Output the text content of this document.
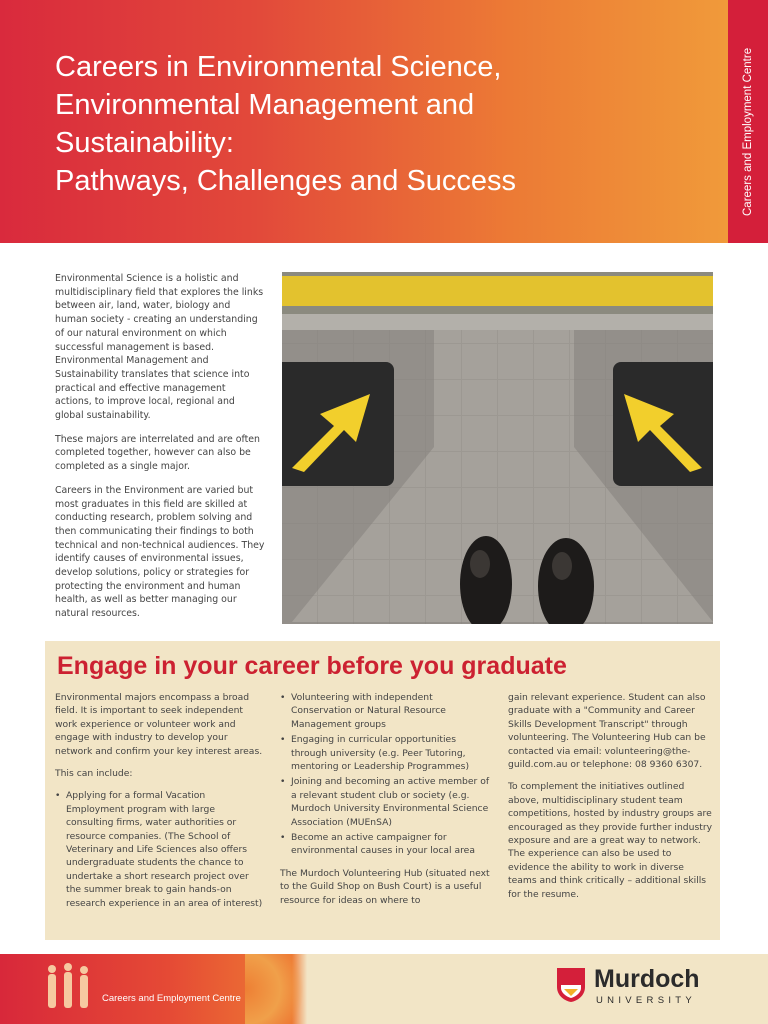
Careers in Environmental Science,
Environmental Management and
Sustainability:
Pathways, Challenges and Success	Careers and Employment Centre

Environmental Science is a holistic and multidisciplinary field that explores the links between air, land, water, biology and human society - creating an understanding of our natural environment on which successful management is based. Environmental Management and Sustainability translates that science into practical and effective management actions, to improve local, regional and global sustainability.

These majors are interrelated and are often completed together, however can also be completed as a single major.

Careers in the Environment are varied but most graduates in this field are skilled at conducting research, problem solving and then communicating their findings to both technical and non-technical audiences. They identify causes of environmental issues, develop solutions, policy or strategies for protecting the environment and human health, as well as better managing our natural resources.

Engage in your career before you graduate

Environmental majors encompass a broad field. It is important to seek independent work experience or volunteer work and engage with industry to develop your network and confirm your key interest areas.

This can include:

• Applying for a formal Vacation Employment program with large consulting firms, water authorities or resource companies. (The School of Veterinary and Life Sciences also offers undergraduate students the chance to undertake a short research project over the summer break to gain hands-on research experience in an area of interest)
• Volunteering with independent Conservation or Natural Resource Management groups
• Engaging in curricular opportunities through university (e.g. Peer Tutoring, mentoring or Leadership Programmes)
• Joining and becoming an active member of a relevant student club or society (e.g. Murdoch University Environmental Science Association (MUEnSA)
• Become an active campaigner for environmental causes in your local area

The Murdoch Volunteering Hub (situated next to the Guild Shop on Bush Court) is a useful resource for ideas on where to

gain relevant experience. Student can also graduate with a "Community and Career Skills Development Transcript" through volunteering. The Volunteering Hub can be contacted via email: volunteering@the-guild.com.au or telephone: 08 9360 6307.

To complement the initiatives outlined above, multidisciplinary student team competitions, hosted by industry groups are encouraged as they provide further industry exposure and are a great way to network. The experience can also be used to evidence the ability to work in diverse teams and think critically – additional skills for the resume.

Careers and Employment Centre
Murdoch
UNIVERSITY
